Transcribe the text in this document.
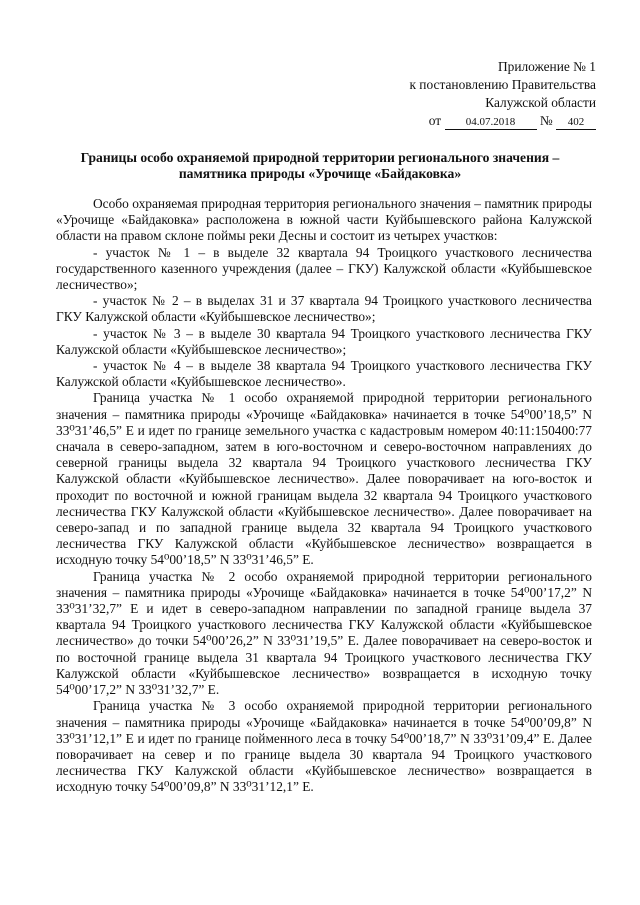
Приложение № 1
к постановлению Правительства
Калужской области
от 04.07.2018 № 402
Границы особо охраняемой природной территории регионального значения –
памятника природы «Урочище «Байдаковка»

Особо охраняемая природная территория регионального значения – памятник природы «Урочище «Байдаковка» расположена в южной части Куйбышевского района Калужской области на правом склоне поймы реки Десны и состоит из четырех участков:

- участок № 1 – в выделе 32 квартала 94 Троицкого участкового лесничества государственного казенного учреждения (далее – ГКУ) Калужской области «Куйбышевское лесничество»;

- участок № 2 – в выделах 31 и 37 квартала 94 Троицкого участкового лесничества ГКУ Калужской области «Куйбышевское лесничество»;

- участок № 3 – в выделе 30 квартала 94 Троицкого участкового лесничества ГКУ Калужской области «Куйбышевское лесничество»;

- участок № 4 – в выделе 38 квартала 94 Троицкого участкового лесничества ГКУ Калужской области «Куйбышевское лесничество».

Граница участка № 1 особо охраняемой природной территории регионального значения – памятника природы «Урочище «Байдаковка» начинается в точке 54⁰00’18,5” N 33⁰31’46,5” E и идет по границе земельного участка с кадастровым номером 40:11:150400:77 сначала в северо-западном, затем в юго-восточном и северо-восточном направлениях до северной границы выдела 32 квартала 94 Троицкого участкового лесничества ГКУ Калужской области «Куйбышевское лесничество». Далее поворачивает на юго-восток и проходит по восточной и южной границам выдела 32 квартала 94 Троицкого участкового лесничества ГКУ Калужской области «Куйбышевское лесничество». Далее поворачивает на северо-запад и по западной границе выдела 32 квартала 94 Троицкого участкового лесничества ГКУ Калужской области «Куйбышевское лесничество» возвращается в исходную точку 54⁰00’18,5” N 33⁰31’46,5” E.

Граница участка № 2 особо охраняемой природной территории регионального значения – памятника природы «Урочище «Байдаковка» начинается в точке 54⁰00’17,2” N 33⁰31’32,7” E и идет в северо-западном направлении по западной границе выдела 37 квартала 94 Троицкого участкового лесничества ГКУ Калужской области «Куйбышевское лесничество» до точки 54⁰00’26,2” N 33⁰31’19,5” E. Далее поворачивает на северо-восток и по восточной границе выдела 31 квартала 94 Троицкого участкового лесничества ГКУ Калужской области «Куйбышевское лесничество» возвращается в исходную точку 54⁰00’17,2” N 33⁰31’32,7” E.

Граница участка № 3 особо охраняемой природной территории регионального значения – памятника природы «Урочище «Байдаковка» начинается в точке 54⁰00’09,8” N 33⁰31’12,1” E и идет по границе пойменного леса в точку 54⁰00’18,7” N 33⁰31’09,4” E. Далее поворачивает на север и по границе выдела 30 квартала 94 Троицкого участкового лесничества ГКУ Калужской области «Куйбышевское лесничество» возвращается в исходную точку 54⁰00’09,8” N 33⁰31’12,1” E.
